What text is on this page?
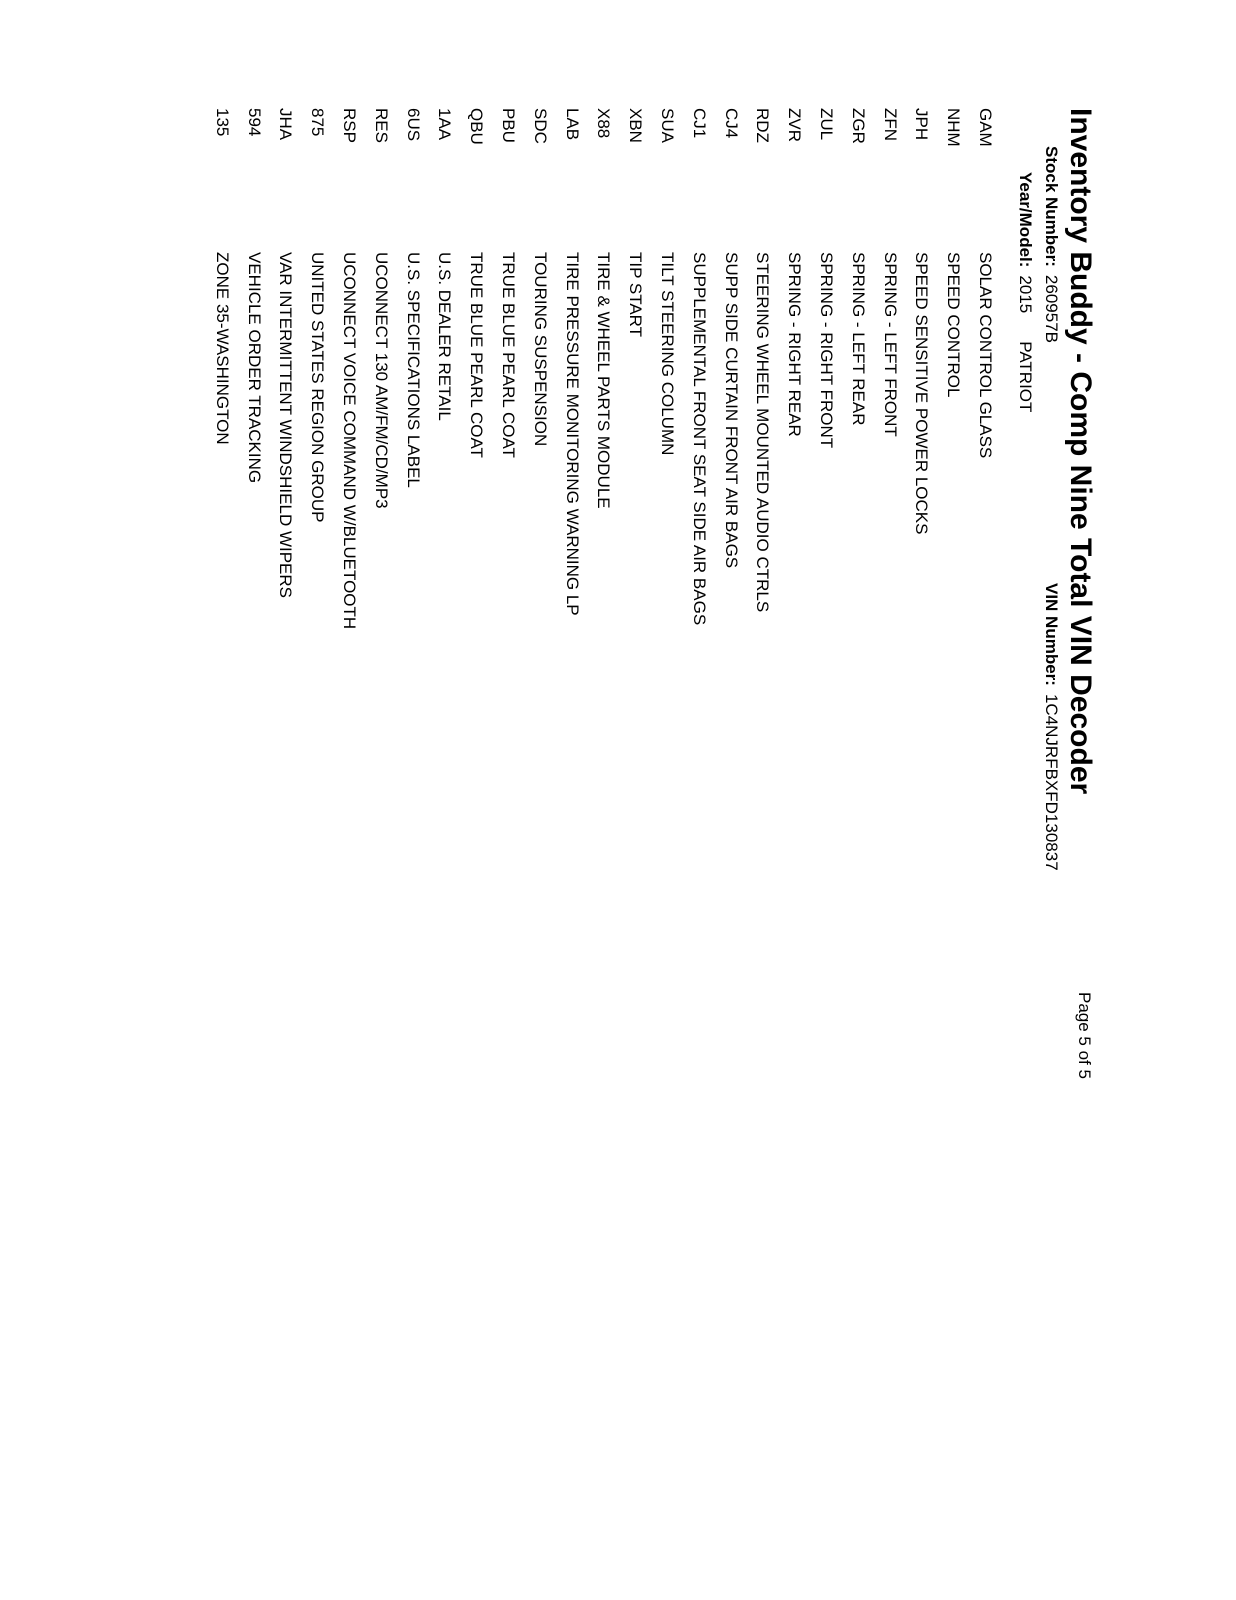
Inventory Buddy - Comp Nine Total VIN Decoder
Page 5 of 5
Stock Number:260957B
VIN Number:1C4NJRFBXFD130837
Year/Model:2015PATRIOT
GAMSOLAR CONTROL GLASS
NHMSPEED CONTROL
JPHSPEED SENSITIVE POWER LOCKS
ZFNSPRING - LEFT FRONT
ZGRSPRING - LEFT REAR
ZULSPRING - RIGHT FRONT
ZVRSPRING - RIGHT REAR
RDZSTEERING WHEEL MOUNTED AUDIO CTRLS
CJ4SUPP SIDE CURTAIN FRONT AIR BAGS
CJ1SUPPLEMENTAL FRONT SEAT SIDE AIR BAGS
SUATILT STEERING COLUMN
XBNTIP START
X88TIRE & WHEEL PARTS MODULE
LABTIRE PRESSURE MONITORING WARNING LP
SDCTOURING SUSPENSION
PBUTRUE BLUE PEARL COAT
QBUTRUE BLUE PEARL COAT
1AAU.S. DEALER RETAIL
6USU.S. SPECIFICATIONS LABEL
RESUCONNECT 130 AM/FM/CD/MP3
RSPUCONNECT VOICE COMMAND W/BLUETOOTH
875UNITED STATES REGION GROUP
JHAVAR INTERMITTENT WINDSHIELD WIPERS
594VEHICLE ORDER TRACKING
135ZONE 35-WASHINGTON
